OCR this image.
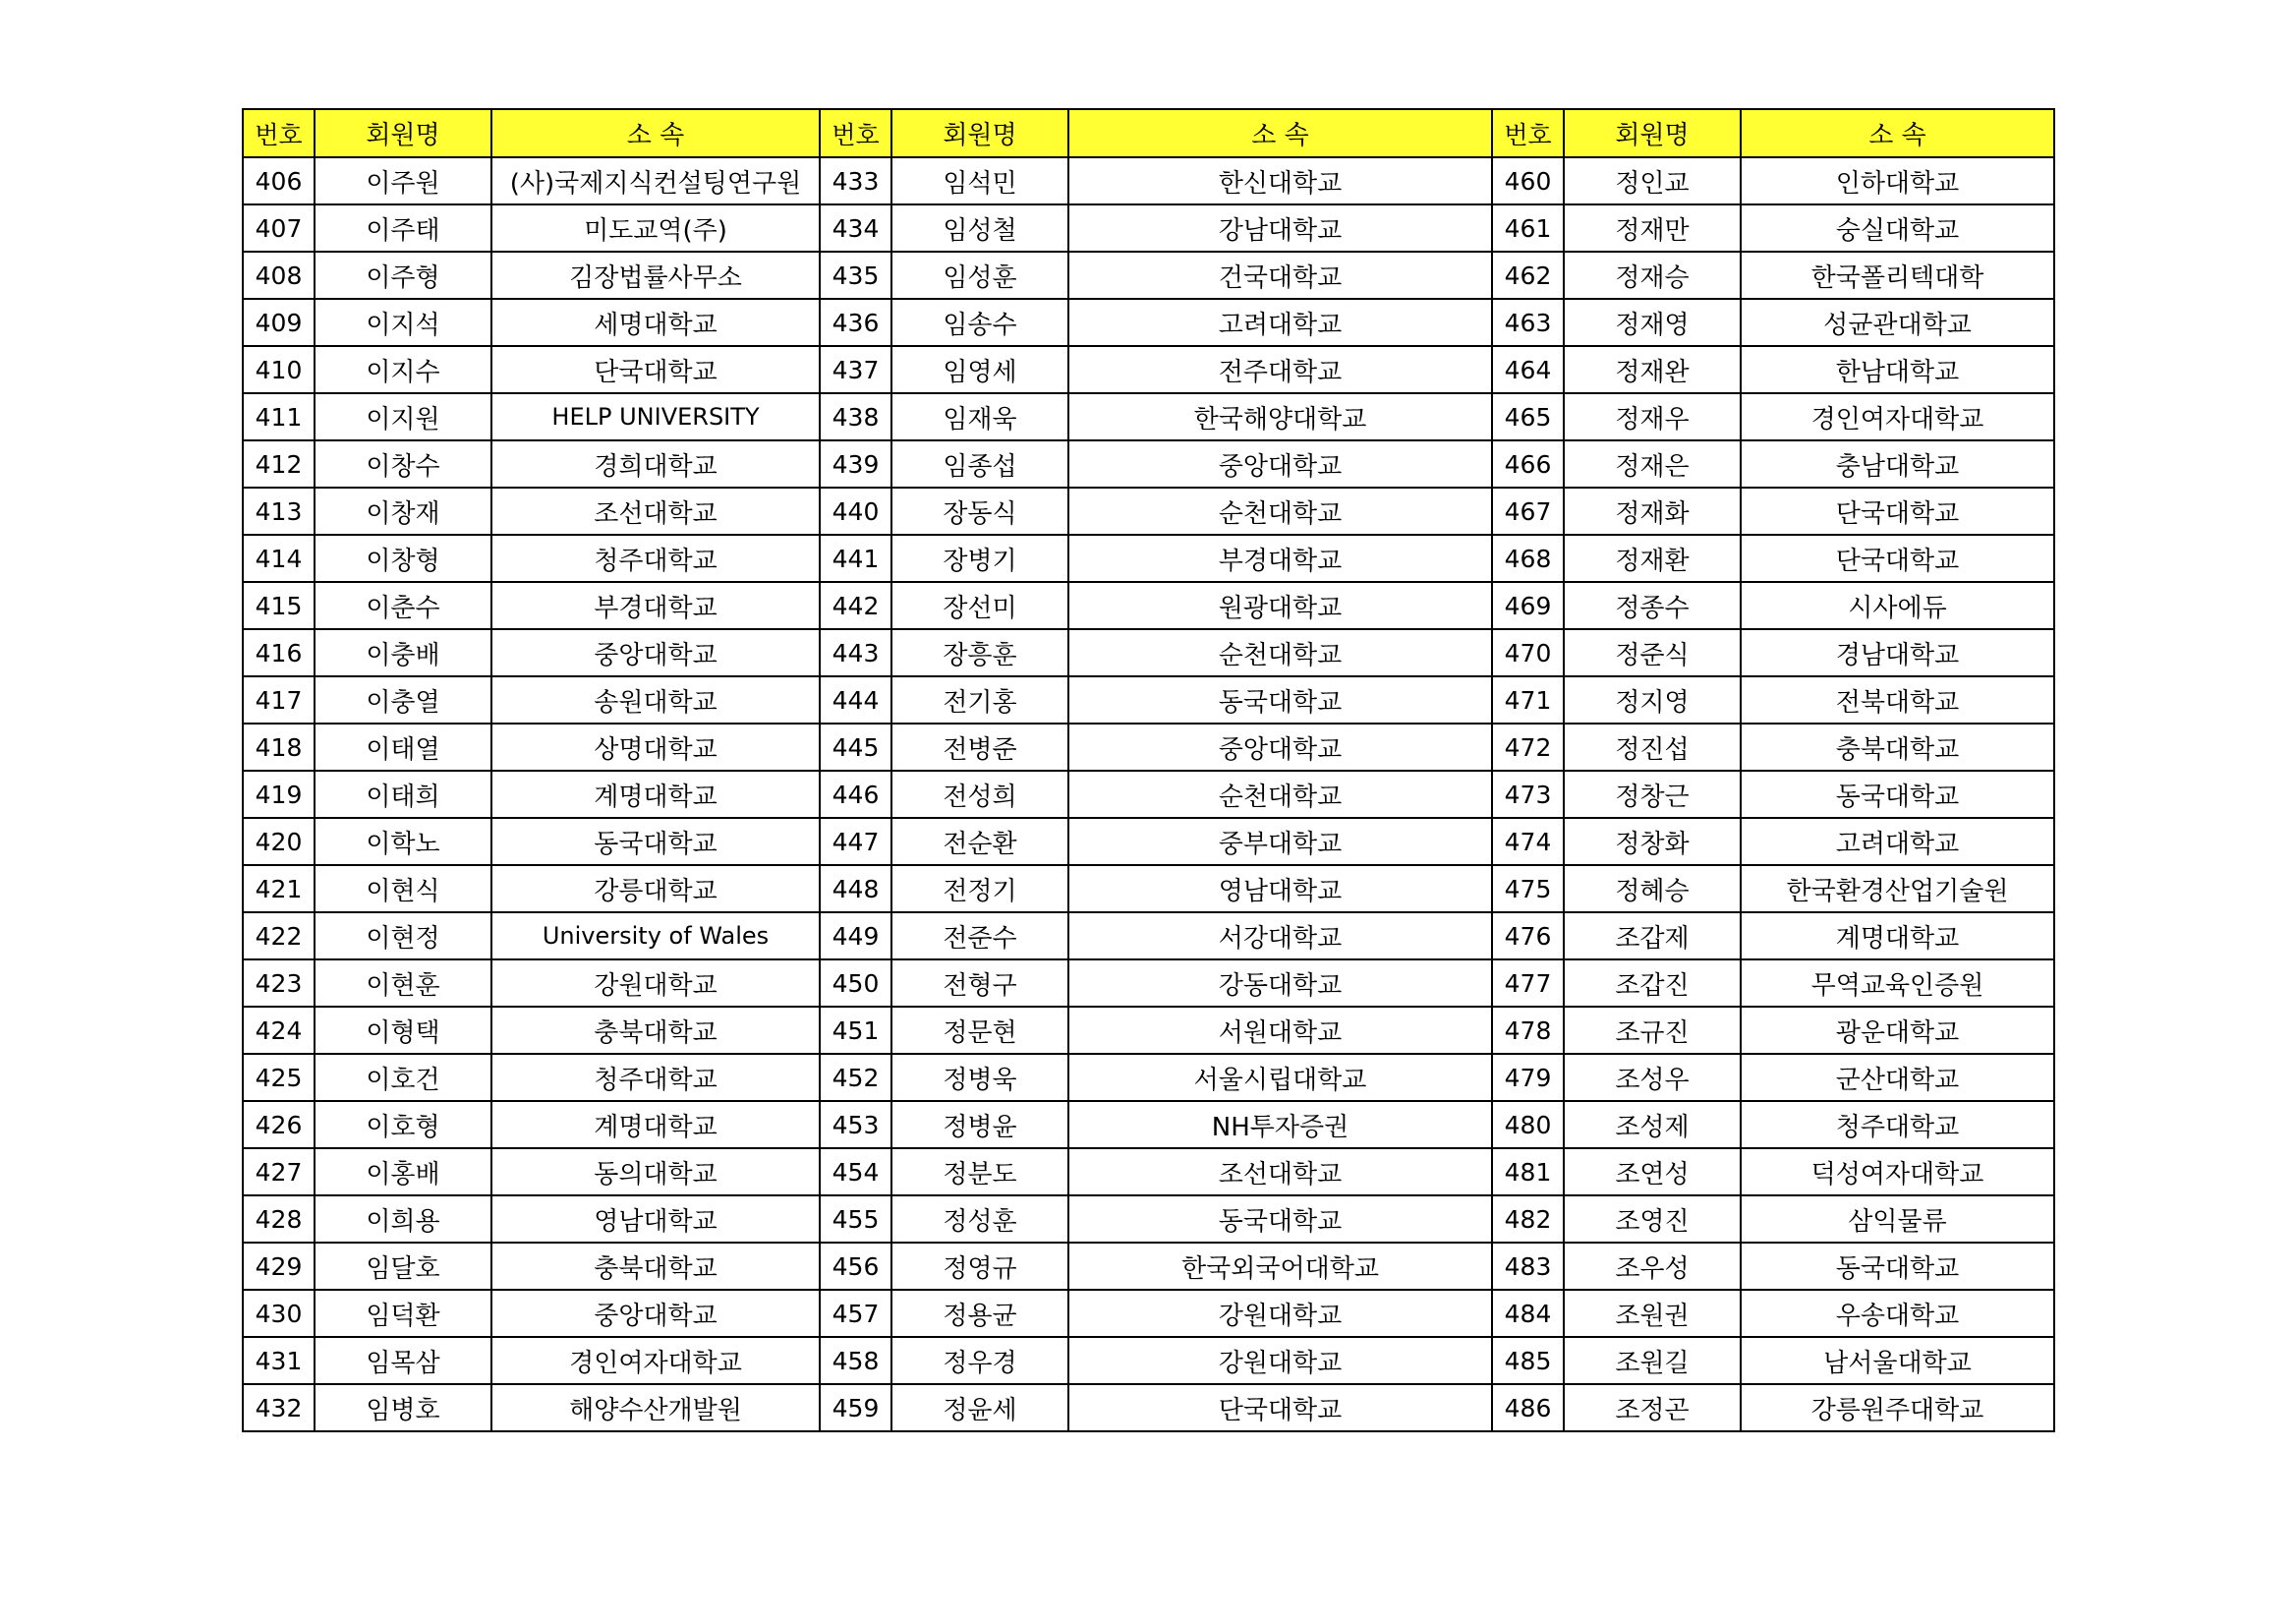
번호	회원명	소 속	번호	회원명	소 속	번호	회원명	소 속
406	이주원	(사)국제지식컨설팅연구원	433	임석민	한신대학교	460	정인교	인하대학교
407	이주태	미도교역(주)	434	임성철	강남대학교	461	정재만	숭실대학교
408	이주형	김장법률사무소	435	임성훈	건국대학교	462	정재승	한국폴리텍대학
409	이지석	세명대학교	436	임송수	고려대학교	463	정재영	성균관대학교
410	이지수	단국대학교	437	임영세	전주대학교	464	정재완	한남대학교
411	이지원	HELP UNIVERSITY	438	임재욱	한국해양대학교	465	정재우	경인여자대학교
412	이창수	경희대학교	439	임종섭	중앙대학교	466	정재은	충남대학교
413	이창재	조선대학교	440	장동식	순천대학교	467	정재화	단국대학교
414	이창형	청주대학교	441	장병기	부경대학교	468	정재환	단국대학교
415	이춘수	부경대학교	442	장선미	원광대학교	469	정종수	시사에듀
416	이충배	중앙대학교	443	장흥훈	순천대학교	470	정준식	경남대학교
417	이충열	송원대학교	444	전기홍	동국대학교	471	정지영	전북대학교
418	이태열	상명대학교	445	전병준	중앙대학교	472	정진섭	충북대학교
419	이태희	계명대학교	446	전성희	순천대학교	473	정창근	동국대학교
420	이학노	동국대학교	447	전순환	중부대학교	474	정창화	고려대학교
421	이현식	강릉대학교	448	전정기	영남대학교	475	정혜승	한국환경산업기술원
422	이현정	University of Wales	449	전준수	서강대학교	476	조갑제	계명대학교
423	이현훈	강원대학교	450	전형구	강동대학교	477	조갑진	무역교육인증원
424	이형택	충북대학교	451	정문현	서원대학교	478	조규진	광운대학교
425	이호건	청주대학교	452	정병욱	서울시립대학교	479	조성우	군산대학교
426	이호형	계명대학교	453	정병윤	NH투자증권	480	조성제	청주대학교
427	이홍배	동의대학교	454	정분도	조선대학교	481	조연성	덕성여자대학교
428	이희용	영남대학교	455	정성훈	동국대학교	482	조영진	삼익물류
429	임달호	충북대학교	456	정영규	한국외국어대학교	483	조우성	동국대학교
430	임덕환	중앙대학교	457	정용균	강원대학교	484	조원권	우송대학교
431	임목삼	경인여자대학교	458	정우경	강원대학교	485	조원길	남서울대학교
432	임병호	해양수산개발원	459	정윤세	단국대학교	486	조정곤	강릉원주대학교
